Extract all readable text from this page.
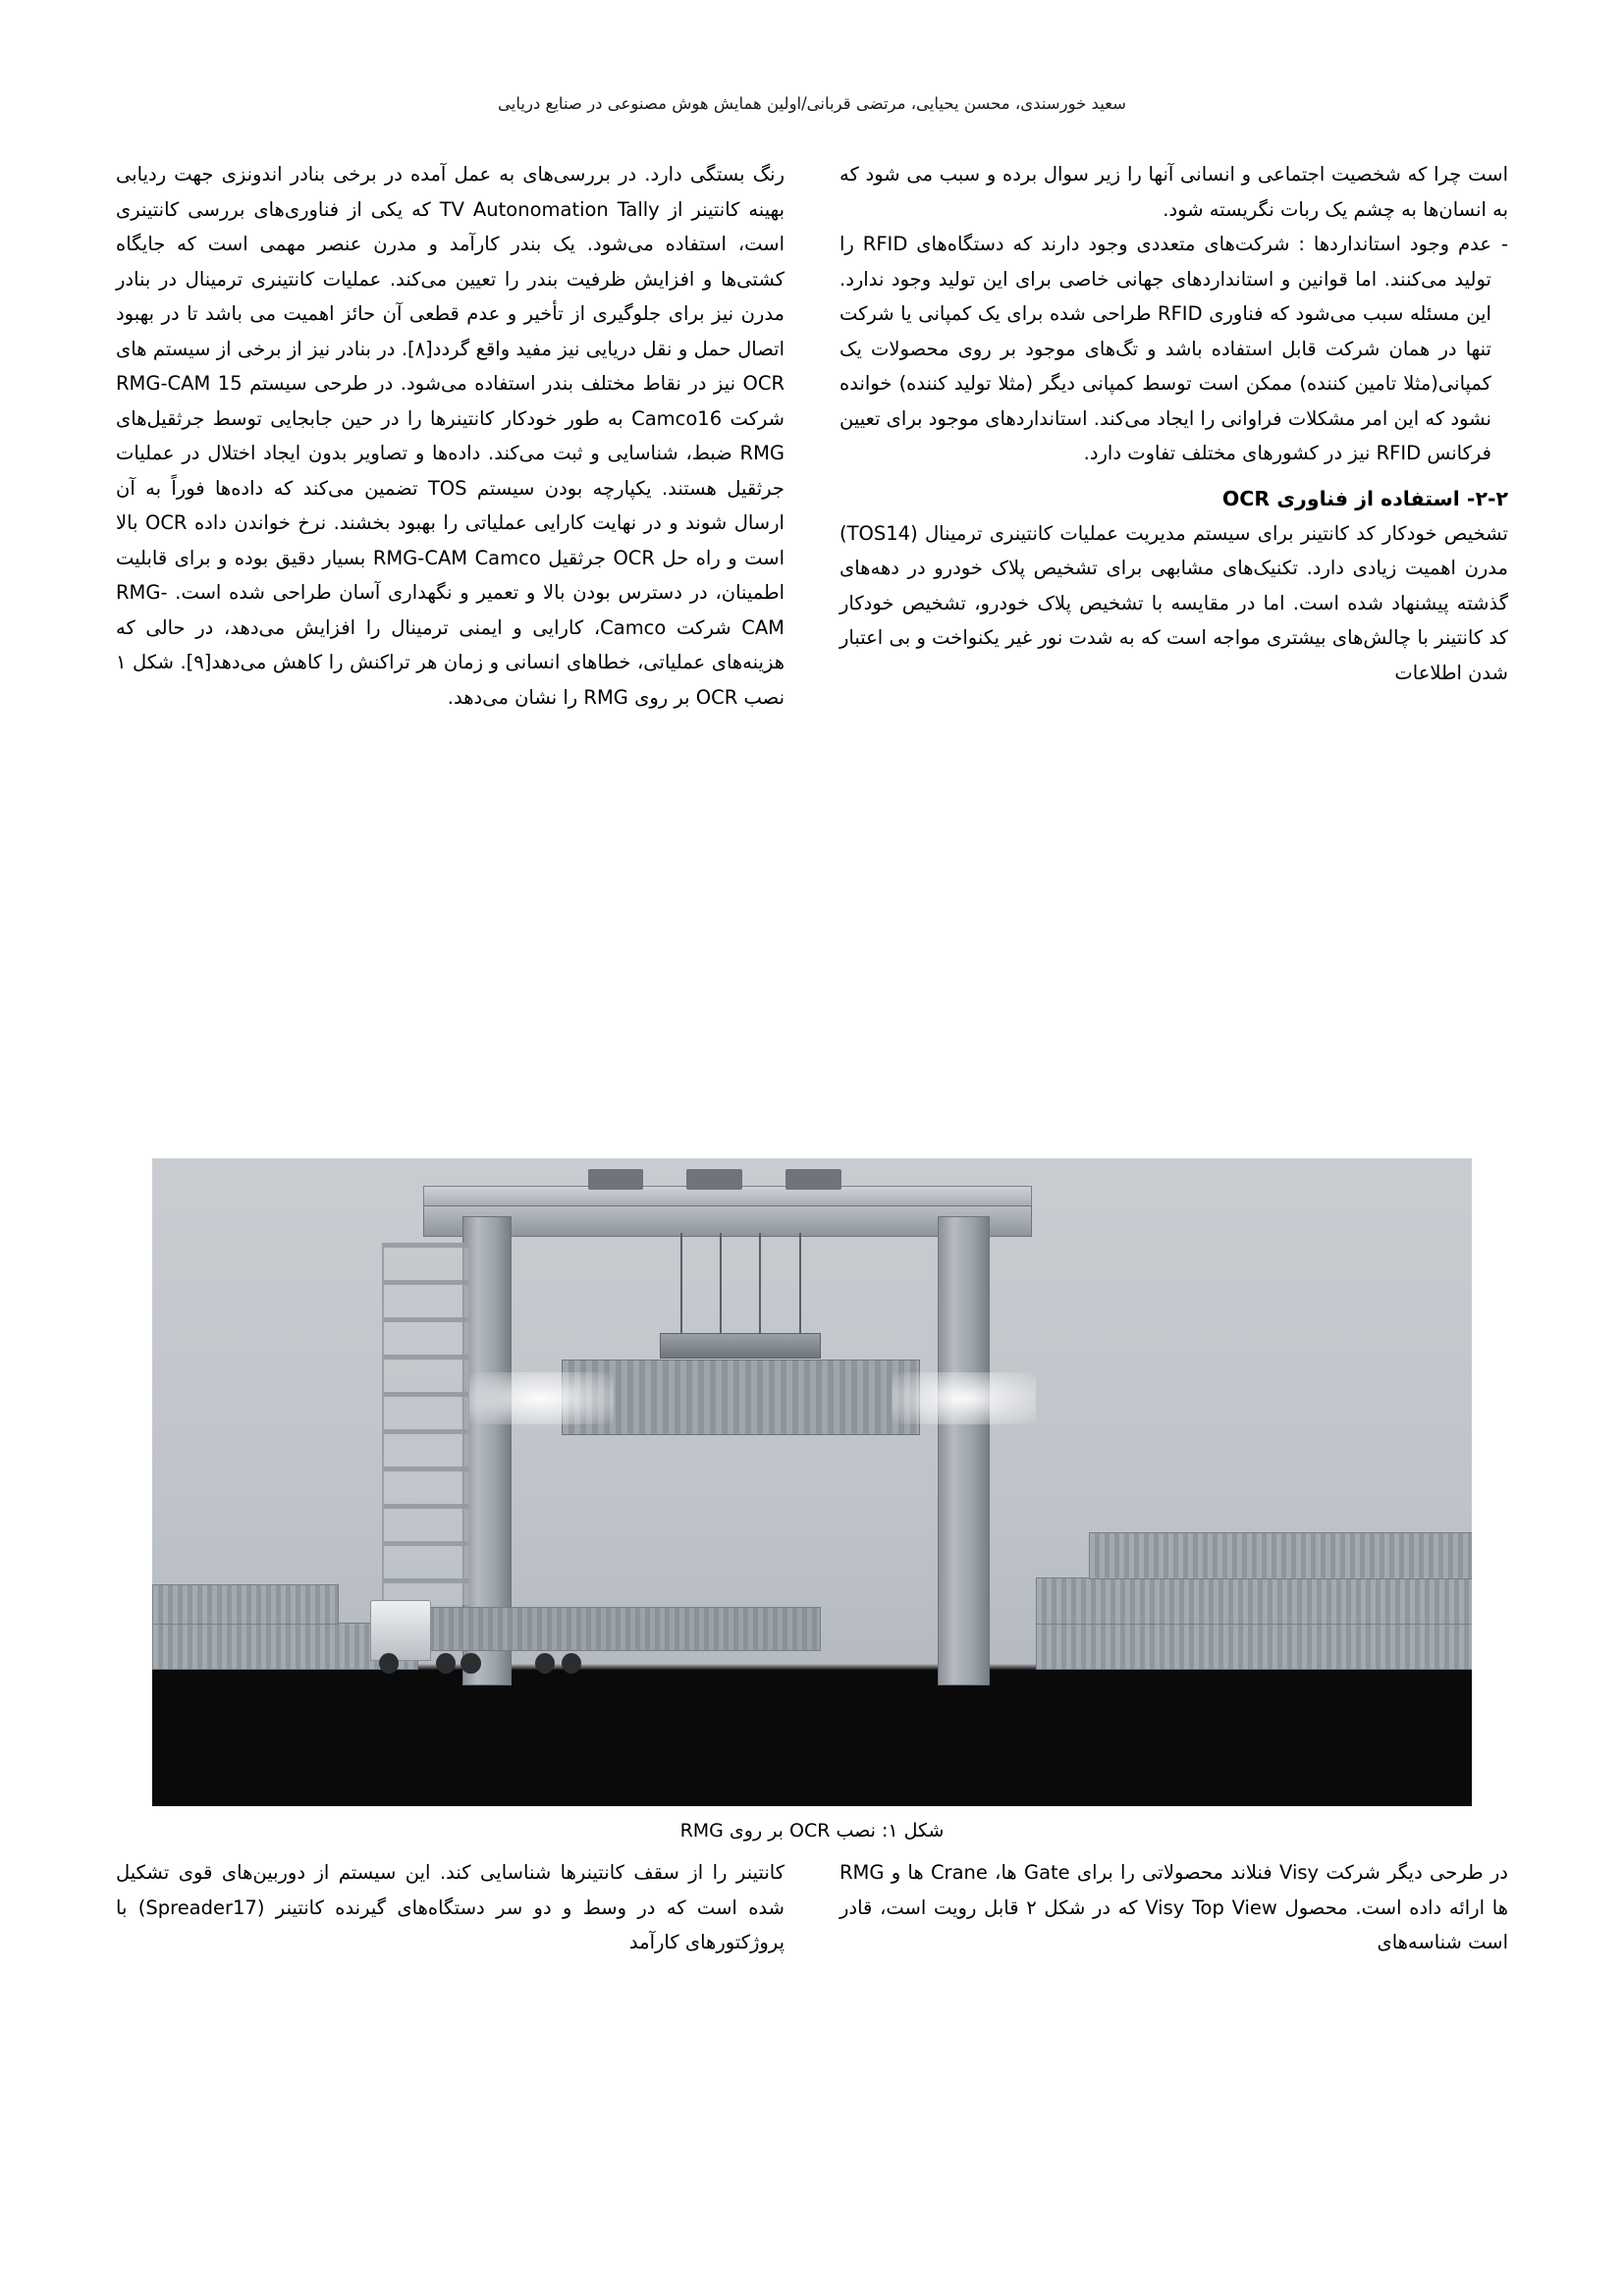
سعید خورسندی، محسن یحیایی، مرتضی قربانی/اولین همایش هوش مصنوعی در صنایع دریایی

است چرا که شخصیت اجتماعی و انسانی آنها را زیر سوال برده و سبب می شود که به انسان‌ها به چشم یک ربات نگریسته شود.

-

عدم وجود استانداردها : شرکت‌های متعددی وجود دارند که دستگاه‌های RFID را تولید می‌کنند. اما قوانین و استانداردهای جهانی خاصی برای این تولید وجود ندارد. این مسئله سبب می‌شود که فناوری RFID طراحی شده برای یک کمپانی یا شرکت تنها در همان شرکت قابل استفاده باشد و تگ‌های موجود بر روی محصولات یک کمپانی(مثلا تامین کننده) ممکن است توسط کمپانی دیگر (مثلا تولید کننده) خوانده نشود که این امر مشکلات فراوانی را ایجاد می‌کند. استانداردهای موجود برای تعیین فرکانس RFID نیز در کشورهای مختلف تفاوت دارد.

۲-۲- استفاده از فناوری OCR

تشخیص خودکار کد کانتینر برای سیستم مدیریت عملیات کانتینری ترمینال (TOS14) مدرن اهمیت زیادی دارد. تکنیک‌های مشابهی برای تشخیص پلاک خودرو در دهه‌های گذشته پیشنهاد شده است. اما در مقایسه با تشخیص پلاک خودرو، تشخیص خودکار کد کانتینر با چالش‌های بیشتری مواجه است که به شدت نور غیر یکنواخت و بی اعتبار شدن اطلاعات

رنگ بستگی دارد. در بررسی‌های به عمل آمده در برخی بنادر اندونزی جهت ردیابی بهینه کانتینر از TV Autonomation Tally که یکی از فناوری‌های بررسی کانتینری است، استفاده می‌شود. یک بندر کارآمد و مدرن عنصر مهمی است که جایگاه کشتی‌ها و افزایش ظرفیت بندر را تعیین می‌کند. عملیات کانتینری ترمینال در بنادر مدرن نیز برای جلوگیری از تأخیر و عدم قطعی آن حائز اهمیت می باشد تا در بهبود اتصال حمل و نقل دریایی نیز مفید واقع گردد[۸]. در بنادر نیز از برخی از سیستم های OCR نیز در نقاط مختلف بندر استفاده می‌شود. در طرحی سیستم RMG-CAM 15 شرکت Camco16 به طور خودکار کانتینرها را در حین جابجایی توسط جرثقیل‌های RMG ضبط، شناسایی و ثبت می‌کند. داده‌ها و تصاویر بدون ایجاد اختلال در عملیات جرثقیل هستند. یکپارچه بودن سیستم TOS تضمین می‌کند که داده‌ها فوراً به آن ارسال شوند و در نهایت کارایی عملیاتی را بهبود بخشند. نرخ خواندن داده OCR بالا است و راه حل OCR جرثقیل RMG-CAM Camco بسیار دقیق بوده و برای قابلیت اطمینان، در دسترس بودن بالا و تعمیر و نگهداری آسان طراحی شده است. RMG-CAM شرکت Camco، کارایی و ایمنی ترمینال را افزایش می‌دهد، در حالی که هزینه‌های عملیاتی، خطاهای انسانی و زمان هر تراکنش را کاهش می‌دهد[۹]. شکل ۱ نصب OCR بر روی RMG را نشان می‌دهد.

شکل ۱: نصب OCR بر روی RMG

در طرحی دیگر شرکت Visy فنلاند محصولاتی را برای Gate ها، Crane ها و RMG ها ارائه داده است. محصول Visy Top View که در شکل ۲ قابل رویت است، قادر است شناسه‌های

کانتینر را از سقف کانتینرها شناسایی کند. این سیستم از دوربین‌های قوی تشکیل شده است که در وسط و دو سر دستگاه‌های گیرنده کانتینر (Spreader17) با پروژکتورهای کارآمد
